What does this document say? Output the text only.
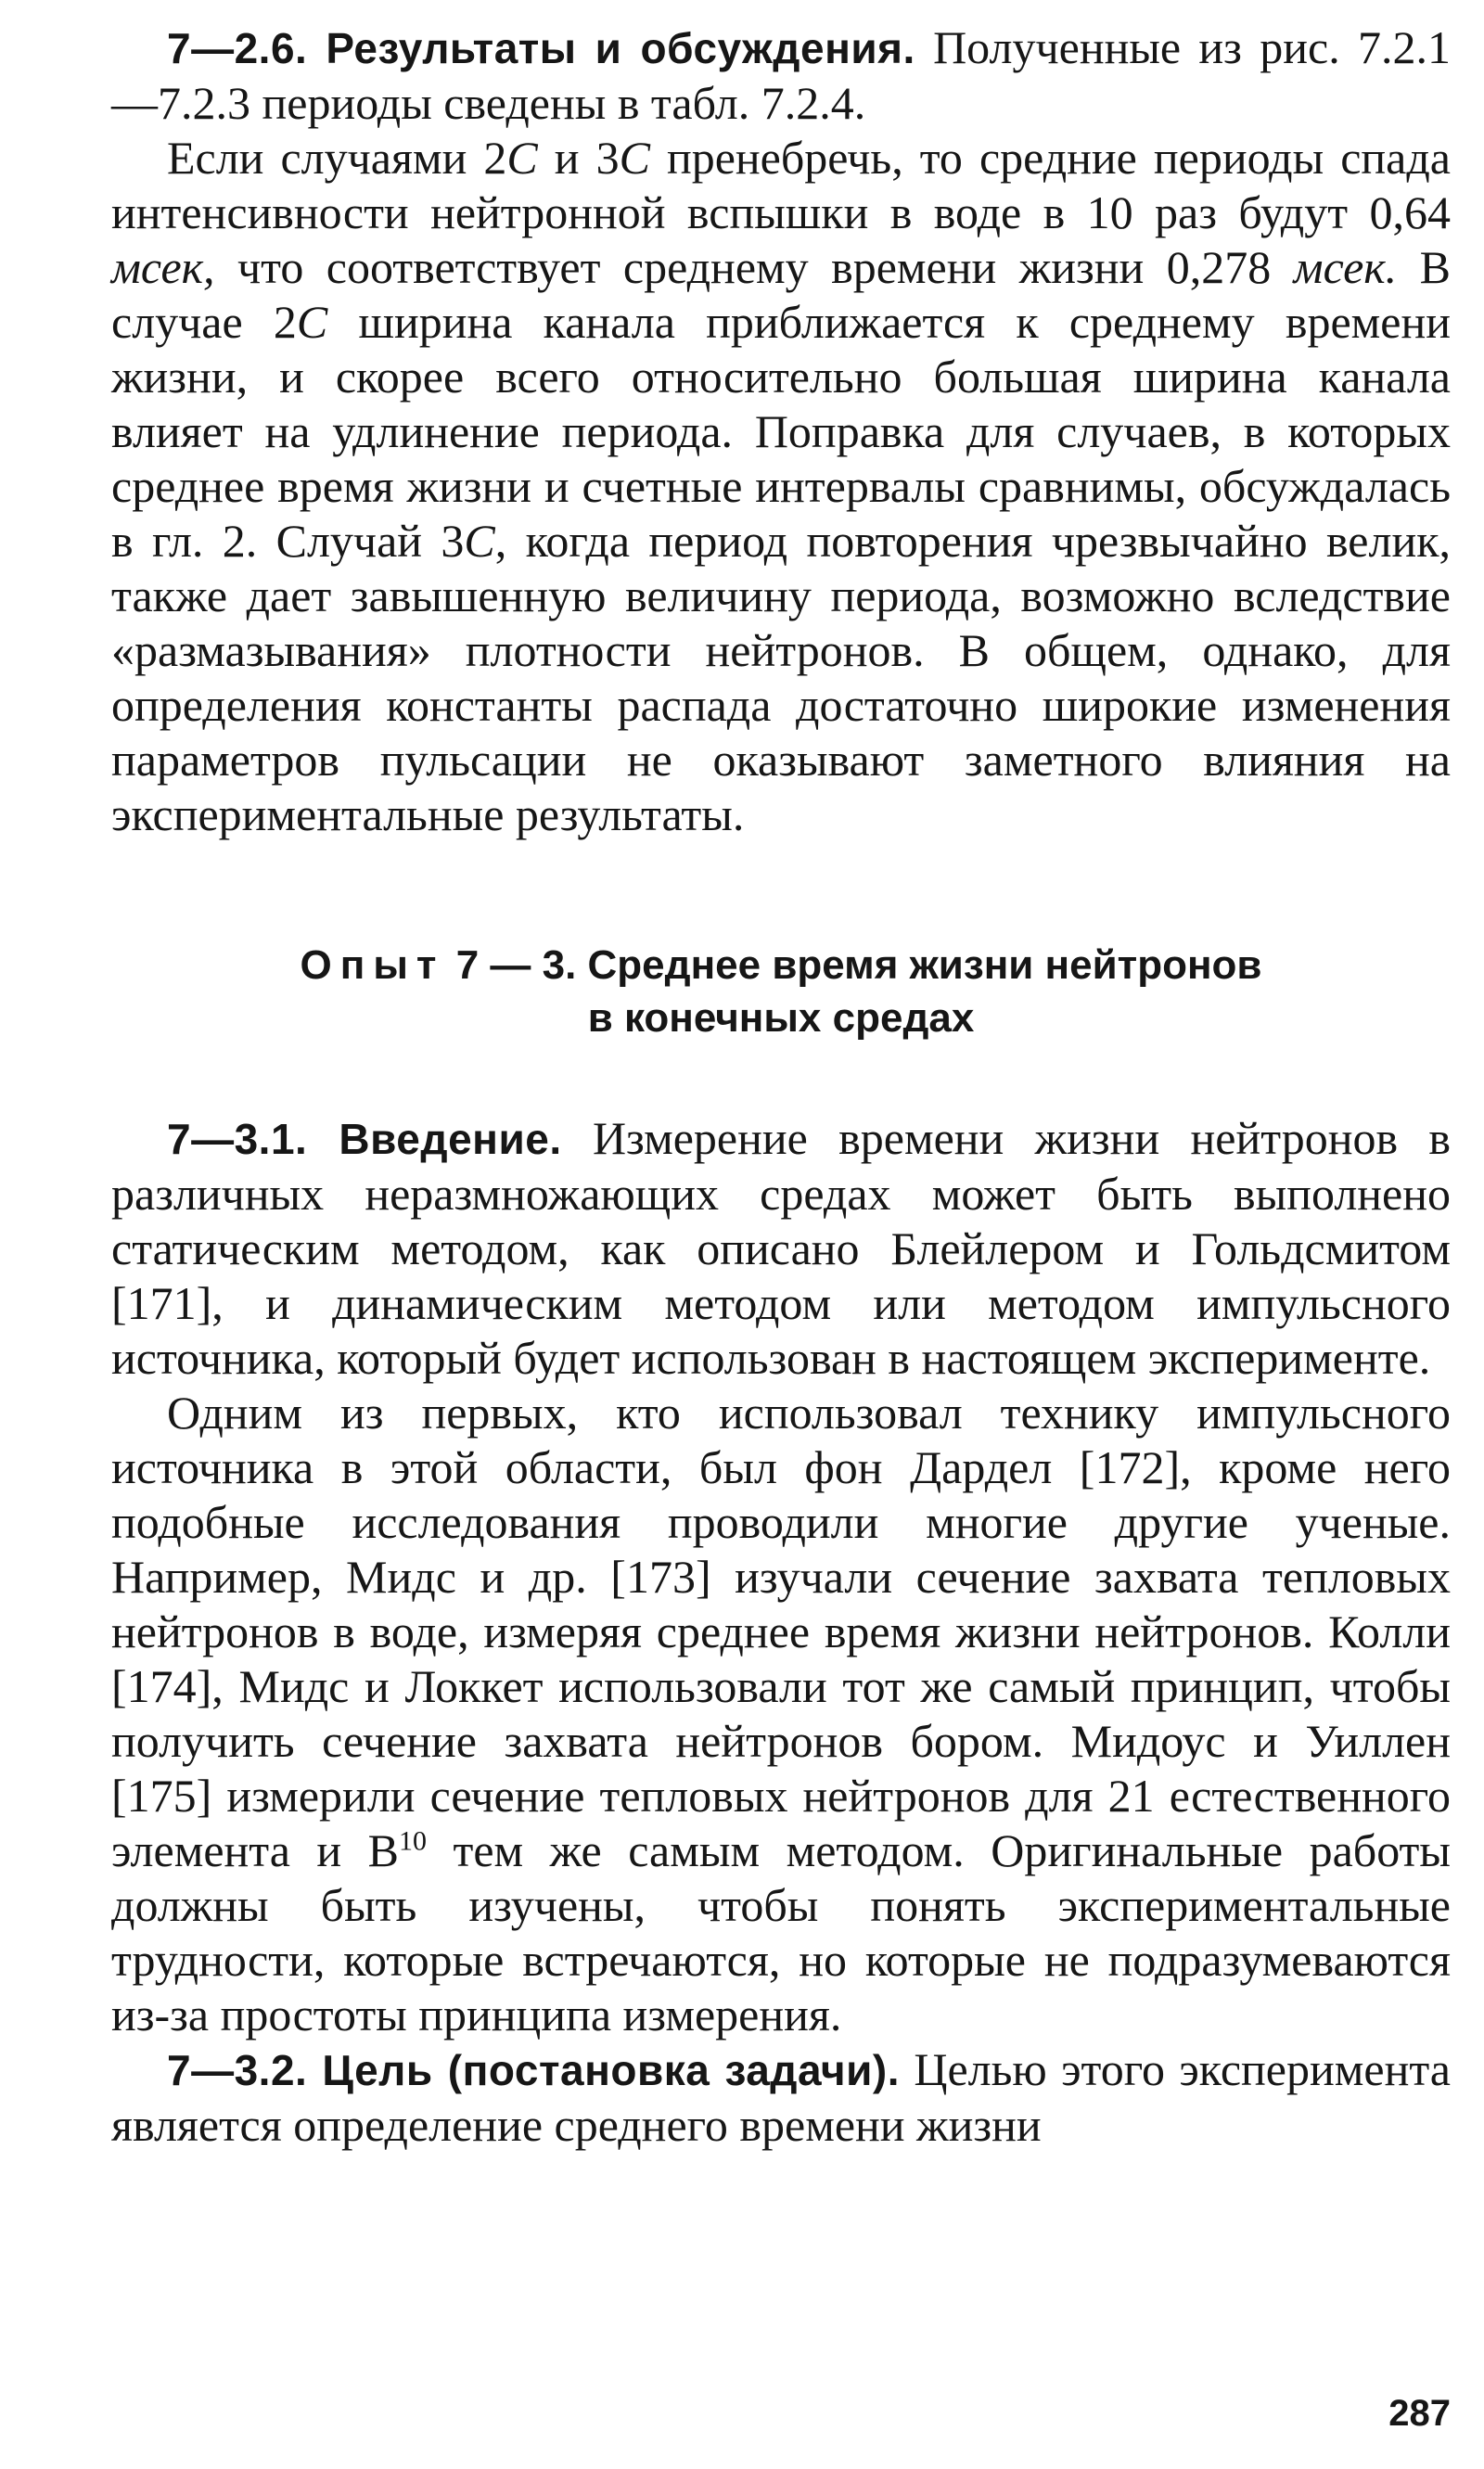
7—2.6. Результаты и обсуждения. Полученные из рис. 7.2.1—7.2.3 периоды сведены в табл. 7.2.4.

Если случаями 2C и 3C пренебречь, то средние периоды спада интенсивности нейтронной вспышки в воде в 10 раз будут 0,64 мсек, что соответствует среднему времени жизни 0,278 мсек. В случае 2C ширина канала приближается к среднему времени жизни, и скорее всего относительно большая ширина канала влияет на удлинение периода. Поправка для случаев, в которых среднее время жизни и счетные интервалы сравнимы, обсуждалась в гл. 2. Случай 3C, когда период повторения чрезвычайно велик, также дает завышенную величину периода, возможно вследствие «размазывания» плотности нейтронов. В общем, однако, для определения константы распада достаточно широкие изменения параметров пульсации не оказывают заметного влияния на экспериментальные результаты.

Опыт 7 — 3. Среднее время жизни нейтронов
в конечных средах

7—3.1. Введение. Измерение времени жизни нейтронов в различных неразмножающих средах может быть выполнено статическим методом, как описано Блейлером и Гольдсмитом [171], и динамическим методом или методом импульсного источника, который будет использован в настоящем эксперименте.

Одним из первых, кто использовал технику импульсного источника в этой области, был фон Дардел [172], кроме него подобные исследования проводили многие другие ученые. Например, Мидс и др. [173] изучали сечение захвата тепловых нейтронов в воде, измеряя среднее время жизни нейтронов. Колли [174], Мидс и Локкет использовали тот же самый принцип, чтобы получить сечение захвата нейтронов бором. Мидоус и Уиллен [175] измерили сечение тепловых нейтронов для 21 естественного элемента и $B^{10}$ тем же самым методом. Оригинальные работы должны быть изучены, чтобы понять экспериментальные трудности, которые встречаются, но которые не подразумеваются из-за простоты принципа измерения.

7—3.2. Цель (постановка задачи). Целью этого эксперимента является определение среднего времени жизни

287
